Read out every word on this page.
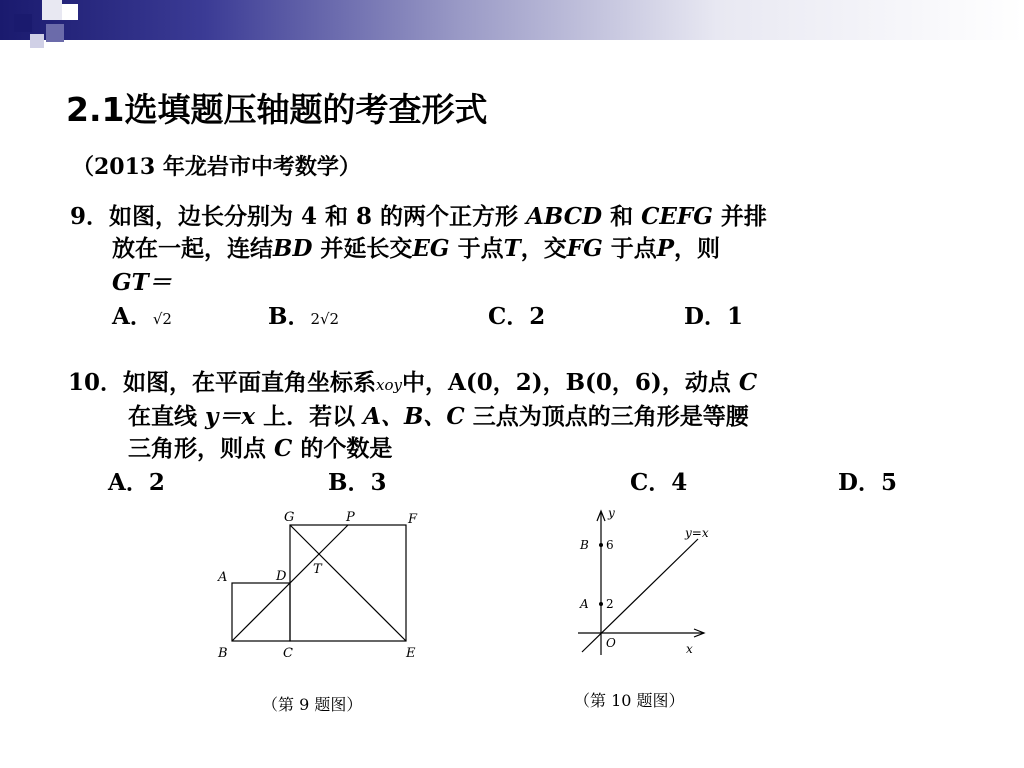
2.1选填题压轴题的考查形式
（2013 年龙岩市中考数学）
9．如图，边长分别为 4 和 8 的两个正方形 ABCD 和 CEFG 并排
放在一起，连结BD 并延长交EG 于点T，交FG 于点P，则
GT＝
A．√2	B．2√2	C．2	D．1
10．如图，在平面直角坐标系xoy中，A(0，2)，B(0，6)，动点 C
在直线 y＝x 上．若以 A、B、C 三点为顶点的三角形是等腰
三角形，则点 C 的个数是
A．2	B．3	C．4	D．5
G	P	F
A	D T
B	C	E
（第 9 题图）
y
x
O
B
A
y=x
6
2
（第 10 题图）
